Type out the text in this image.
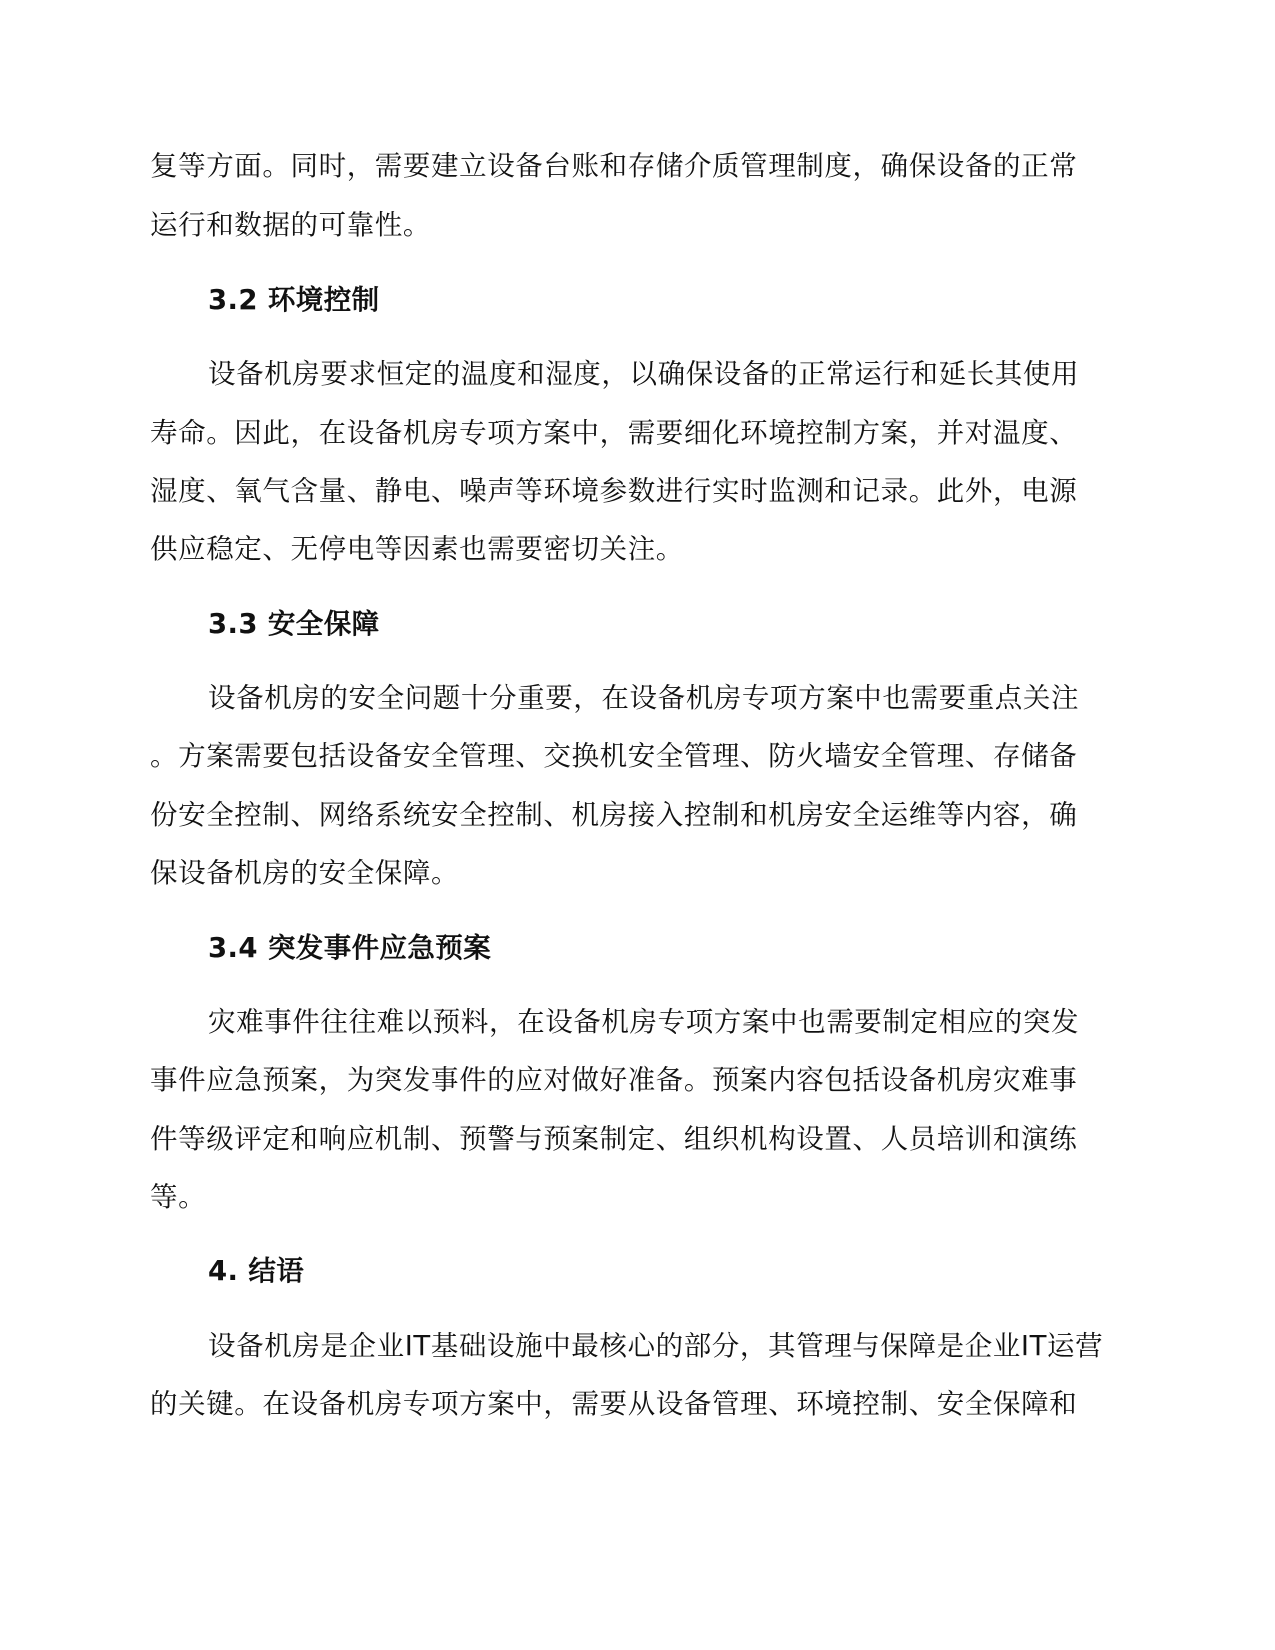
复等方面。同时，需要建立设备台账和存储介质管理制度，确保设备的正常
运行和数据的可靠性。
3.2 环境控制
设备机房要求恒定的温度和湿度，以确保设备的正常运行和延长其使用
寿命。因此，在设备机房专项方案中，需要细化环境控制方案，并对温度、
湿度、氧气含量、静电、噪声等环境参数进行实时监测和记录。此外，电源
供应稳定、无停电等因素也需要密切关注。
3.3 安全保障
设备机房的安全问题十分重要，在设备机房专项方案中也需要重点关注
。方案需要包括设备安全管理、交换机安全管理、防火墙安全管理、存储备
份安全控制、网络系统安全控制、机房接入控制和机房安全运维等内容，确
保设备机房的安全保障。
3.4 突发事件应急预案
灾难事件往往难以预料，在设备机房专项方案中也需要制定相应的突发
事件应急预案，为突发事件的应对做好准备。预案内容包括设备机房灾难事
件等级评定和响应机制、预警与预案制定、组织机构设置、人员培训和演练
等。
4. 结语
设备机房是企业IT基础设施中最核心的部分，其管理与保障是企业IT运营
的关键。在设备机房专项方案中，需要从设备管理、环境控制、安全保障和
